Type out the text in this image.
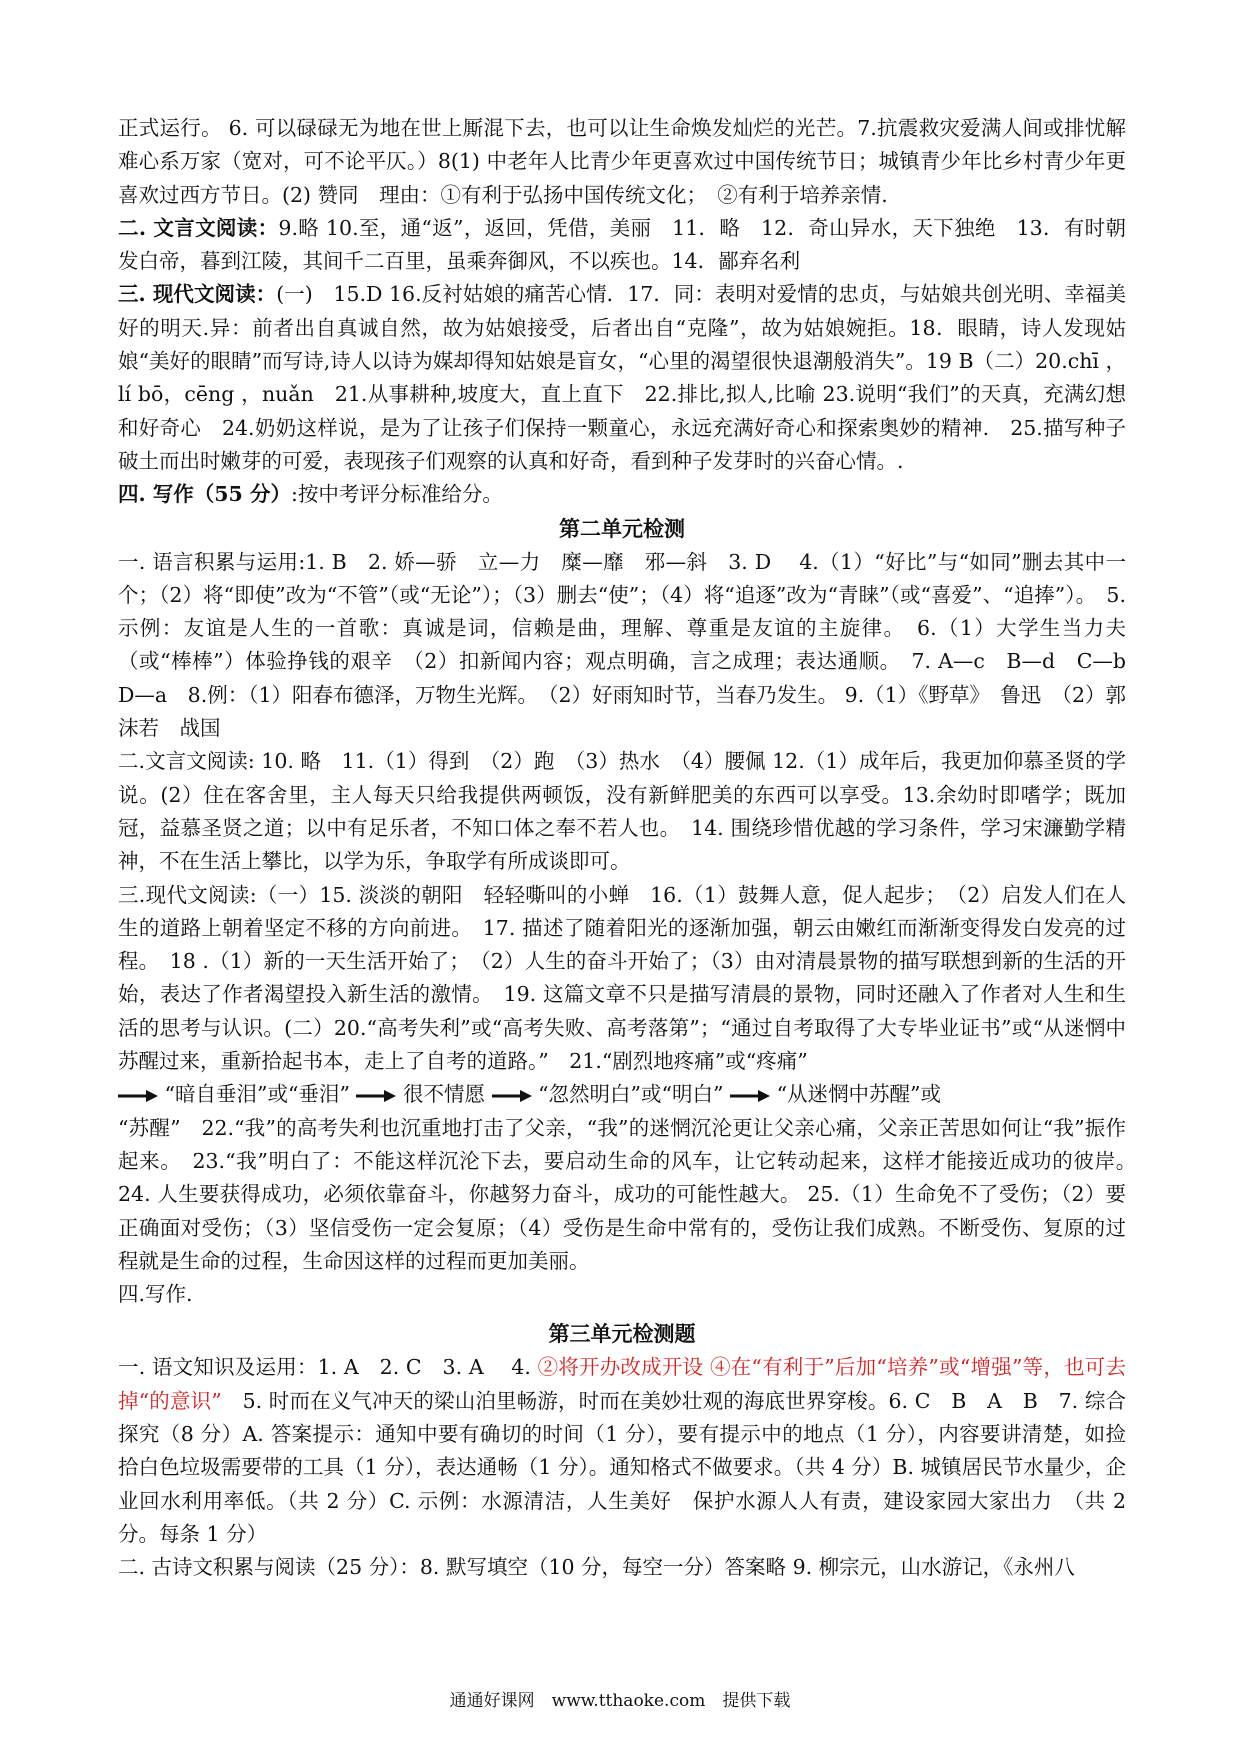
正式运行。 6. 可以碌碌无为地在世上厮混下去，也可以让生命焕发灿烂的光芒。7.抗震救灾爱满人间或排忧解难心系万家（宽对，可不论平仄。）8(1) 中老年人比青少年更喜欢过中国传统节日；城镇青少年比乡村青少年更喜欢过西方节日。(2) 赞同　理由：①有利于弘扬中国传统文化；　②有利于培养亲情.

二. 文言文阅读：9.略 10.至，通“返”，返回，凭借，美丽　11．略　12．奇山异水，天下独绝　13．有时朝发白帝，暮到江陵，其间千二百里，虽乘奔御风，不以疾也。14．鄙弃名利

三. 现代文阅读：(一)　15.D 16.反衬姑娘的痛苦心情．17．同：表明对爱情的忠贞，与姑娘共创光明、幸福美好的明天.异：前者出自真诚自然，故为姑娘接受，后者出自“克隆”，故为姑娘婉拒。18．眼睛，诗人发现姑娘“美好的眼睛”而写诗,诗人以诗为媒却得知姑娘是盲女，“心里的渴望很快退潮般消失”。19 B（二）20.chī ，lí bō，cēng ，nuǎn　21.从事耕种,坡度大，直上直下　22.排比,拟人,比喻 23.说明“我们”的天真，充满幻想和好奇心　24.奶奶这样说，是为了让孩子们保持一颗童心，永远充满好奇心和探索奥妙的精神.　25.描写种子破土而出时嫩芽的可爱，表现孩子们观察的认真和好奇，看到种子发芽时的兴奋心情。.

四. 写作（55 分）:按中考评分标准给分。

第二单元检测

一. 语言积累与运用:1. B　2. 娇—骄　立—力　糜—靡　邪—斜　3. D　 4.（1）“好比”与“如同”删去其中一个；（2）将“即使”改为“不管”（或“无论”）；（3）删去“使”；（4）将“追逐”改为“青睐”（或“喜爱”、“追捧”）。　5. 示例：友谊是人生的一首歌：真诚是词，信赖是曲，理解、尊重是友谊的主旋律。　6.（1）大学生当力夫（或“棒棒”）体验挣钱的艰辛　（2）扣新闻内容；观点明确，言之成理；表达通顺。　7. A—c　B—d　C—b　D—a　8.例：（1）阳春布德泽，万物生光辉。　（2）好雨知时节，当春乃发生。 9.（1）《野草》　鲁迅　（2）郭沫若　战国

二.文言文阅读: 10. 略　11.（1）得到　（2）跑　（3）热水　（4）腰佩 12.（1）成年后，我更加仰慕圣贤的学说。(2）住在客舍里，主人每天只给我提供两顿饭，没有新鲜肥美的东西可以享受。13.余幼时即嗜学；既加冠，益慕圣贤之道；以中有足乐者，不知口体之奉不若人也。　14. 围绕珍惜优越的学习条件，学习宋濂勤学精神，不在生活上攀比，以学为乐，争取学有所成谈即可。

三.现代文阅读:（一）15. 淡淡的朝阳　轻轻嘶叫的小蝉　16.（1）鼓舞人意，促人起步；　（2）启发人们在人生的道路上朝着坚定不移的方向前进。　17. 描述了随着阳光的逐渐加强，朝云由嫩红而渐渐变得发白发亮的过程。　18 .（1）新的一天生活开始了；　（2）人生的奋斗开始了；（3）由对清晨景物的描写联想到新的生活的开始，表达了作者渴望投入新生活的激情。　19. 这篇文章不只是描写清晨的景物，同时还融入了作者对人生和生活的思考与认识。(二）20.“高考失利”或“高考失败、高考落第”；“通过自考取得了大专毕业证书”或“从迷惘中苏醒过来，重新拾起书本，走上了自考的道路。”　21.“剧烈地疼痛”或“疼痛”

“暗自垂泪”或“垂泪”	很不情愿	“忽然明白”或“明白”	“从迷惘中苏醒”或

“苏醒”　22.“我”的高考失利也沉重地打击了父亲，“我”的迷惘沉沦更让父亲心痛，父亲正苦思如何让“我”振作起来。　23.“我”明白了：不能这样沉沦下去，要启动生命的风车，让它转动起来，这样才能接近成功的彼岸。　24. 人生要获得成功，必须依靠奋斗，你越努力奋斗，成功的可能性越大。 25.（1）生命免不了受伤；（2）要正确面对受伤；（3）坚信受伤一定会复原；（4）受伤是生命中常有的，受伤让我们成熟。不断受伤、复原的过程就是生命的过程，生命因这样的过程而更加美丽。

四.写作.

第三单元检测题

一. 语文知识及运用：1. A　2. C　3. A　 4. ②将开办改成开设 ④在“有利于”后加“培养”或“增强”等，也可去掉“的意识”　5. 时而在义气冲天的梁山泊里畅游，时而在美妙壮观的海底世界穿梭。6. C　B　A　B　7. 综合探究（8 分）A. 答案提示：通知中要有确切的时间（1 分），要有提示中的地点（1 分），内容要讲清楚，如捡拾白色垃圾需要带的工具（1 分），表达通畅（1 分）。通知格式不做要求。（共 4 分）B. 城镇居民节水量少，企业回水利用率低。（共 2 分）C. 示例：水源清洁，人生美好　保护水源人人有责，建设家园大家出力　（共 2 分。每条 1 分）

二. 古诗文积累与阅读（25 分）：8. 默写填空（10 分，每空一分）答案略 9. 柳宗元，山水游记，《永州八

通通好课网　www.tthaoke.com　提供下载
